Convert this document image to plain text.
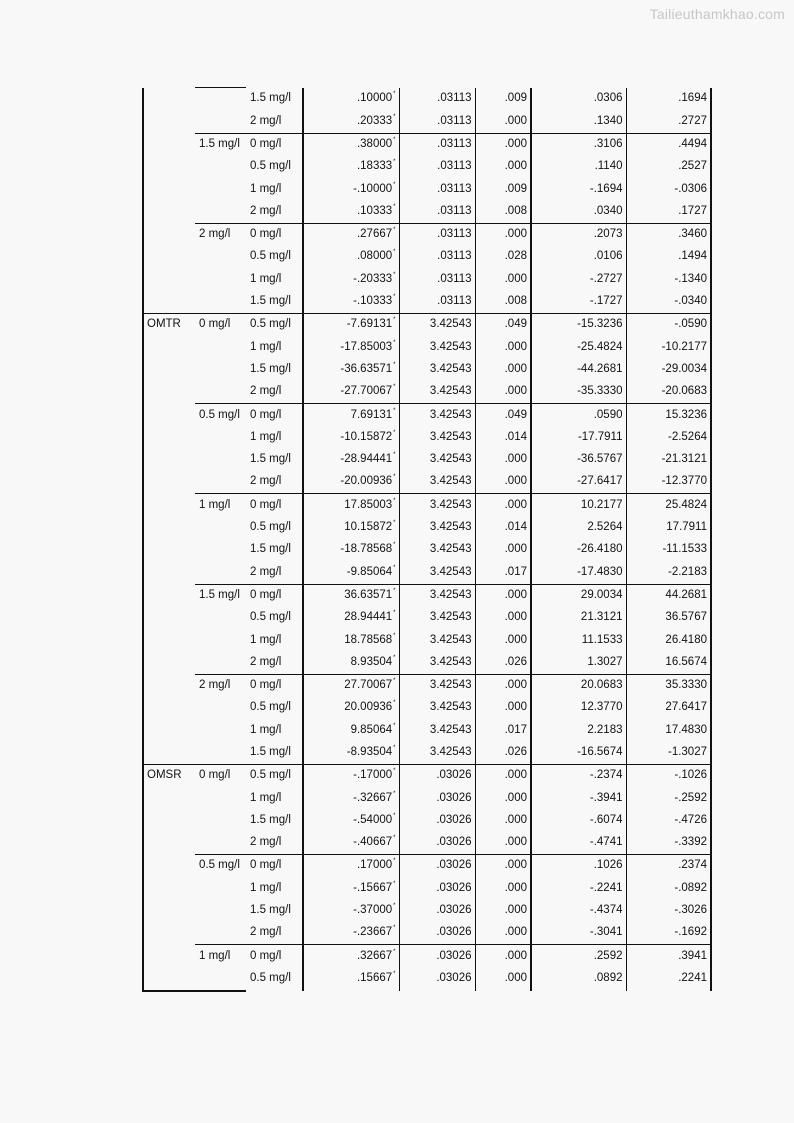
Tailieuthamkhao.com
		1.5 mg/l	.10000*	.03113	.009	.0306	.1694
		2 mg/l	.20333*	.03113	.000	.1340	.2727
	1.5 mg/l	0 mg/l	.38000*	.03113	.000	.3106	.4494
		0.5 mg/l	.18333*	.03113	.000	.1140	.2527
		1 mg/l	-.10000*	.03113	.009	-.1694	-.0306
		2 mg/l	.10333*	.03113	.008	.0340	.1727
	2 mg/l	0 mg/l	.27667*	.03113	.000	.2073	.3460
		0.5 mg/l	.08000*	.03113	.028	.0106	.1494
		1 mg/l	-.20333*	.03113	.000	-.2727	-.1340
		1.5 mg/l	-.10333*	.03113	.008	-.1727	-.0340
OMTR	0 mg/l	0.5 mg/l	-7.69131*	3.42543	.049	-15.3236	-.0590
		1 mg/l	-17.85003*	3.42543	.000	-25.4824	-10.2177
		1.5 mg/l	-36.63571*	3.42543	.000	-44.2681	-29.0034
		2 mg/l	-27.70067*	3.42543	.000	-35.3330	-20.0683
	0.5 mg/l	0 mg/l	7.69131*	3.42543	.049	.0590	15.3236
		1 mg/l	-10.15872*	3.42543	.014	-17.7911	-2.5264
		1.5 mg/l	-28.94441*	3.42543	.000	-36.5767	-21.3121
		2 mg/l	-20.00936*	3.42543	.000	-27.6417	-12.3770
	1 mg/l	0 mg/l	17.85003*	3.42543	.000	10.2177	25.4824
		0.5 mg/l	10.15872*	3.42543	.014	2.5264	17.7911
		1.5 mg/l	-18.78568*	3.42543	.000	-26.4180	-11.1533
		2 mg/l	-9.85064*	3.42543	.017	-17.4830	-2.2183
	1.5 mg/l	0 mg/l	36.63571*	3.42543	.000	29.0034	44.2681
		0.5 mg/l	28.94441*	3.42543	.000	21.3121	36.5767
		1 mg/l	18.78568*	3.42543	.000	11.1533	26.4180
		2 mg/l	8.93504*	3.42543	.026	1.3027	16.5674
	2 mg/l	0 mg/l	27.70067*	3.42543	.000	20.0683	35.3330
		0.5 mg/l	20.00936*	3.42543	.000	12.3770	27.6417
		1 mg/l	9.85064*	3.42543	.017	2.2183	17.4830
		1.5 mg/l	-8.93504*	3.42543	.026	-16.5674	-1.3027
OMSR	0 mg/l	0.5 mg/l	-.17000*	.03026	.000	-.2374	-.1026
		1 mg/l	-.32667*	.03026	.000	-.3941	-.2592
		1.5 mg/l	-.54000*	.03026	.000	-.6074	-.4726
		2 mg/l	-.40667*	.03026	.000	-.4741	-.3392
	0.5 mg/l	0 mg/l	.17000*	.03026	.000	.1026	.2374
		1 mg/l	-.15667*	.03026	.000	-.2241	-.0892
		1.5 mg/l	-.37000*	.03026	.000	-.4374	-.3026
		2 mg/l	-.23667*	.03026	.000	-.3041	-.1692
	1 mg/l	0 mg/l	.32667*	.03026	.000	.2592	.3941
		0.5 mg/l	.15667*	.03026	.000	.0892	.2241
